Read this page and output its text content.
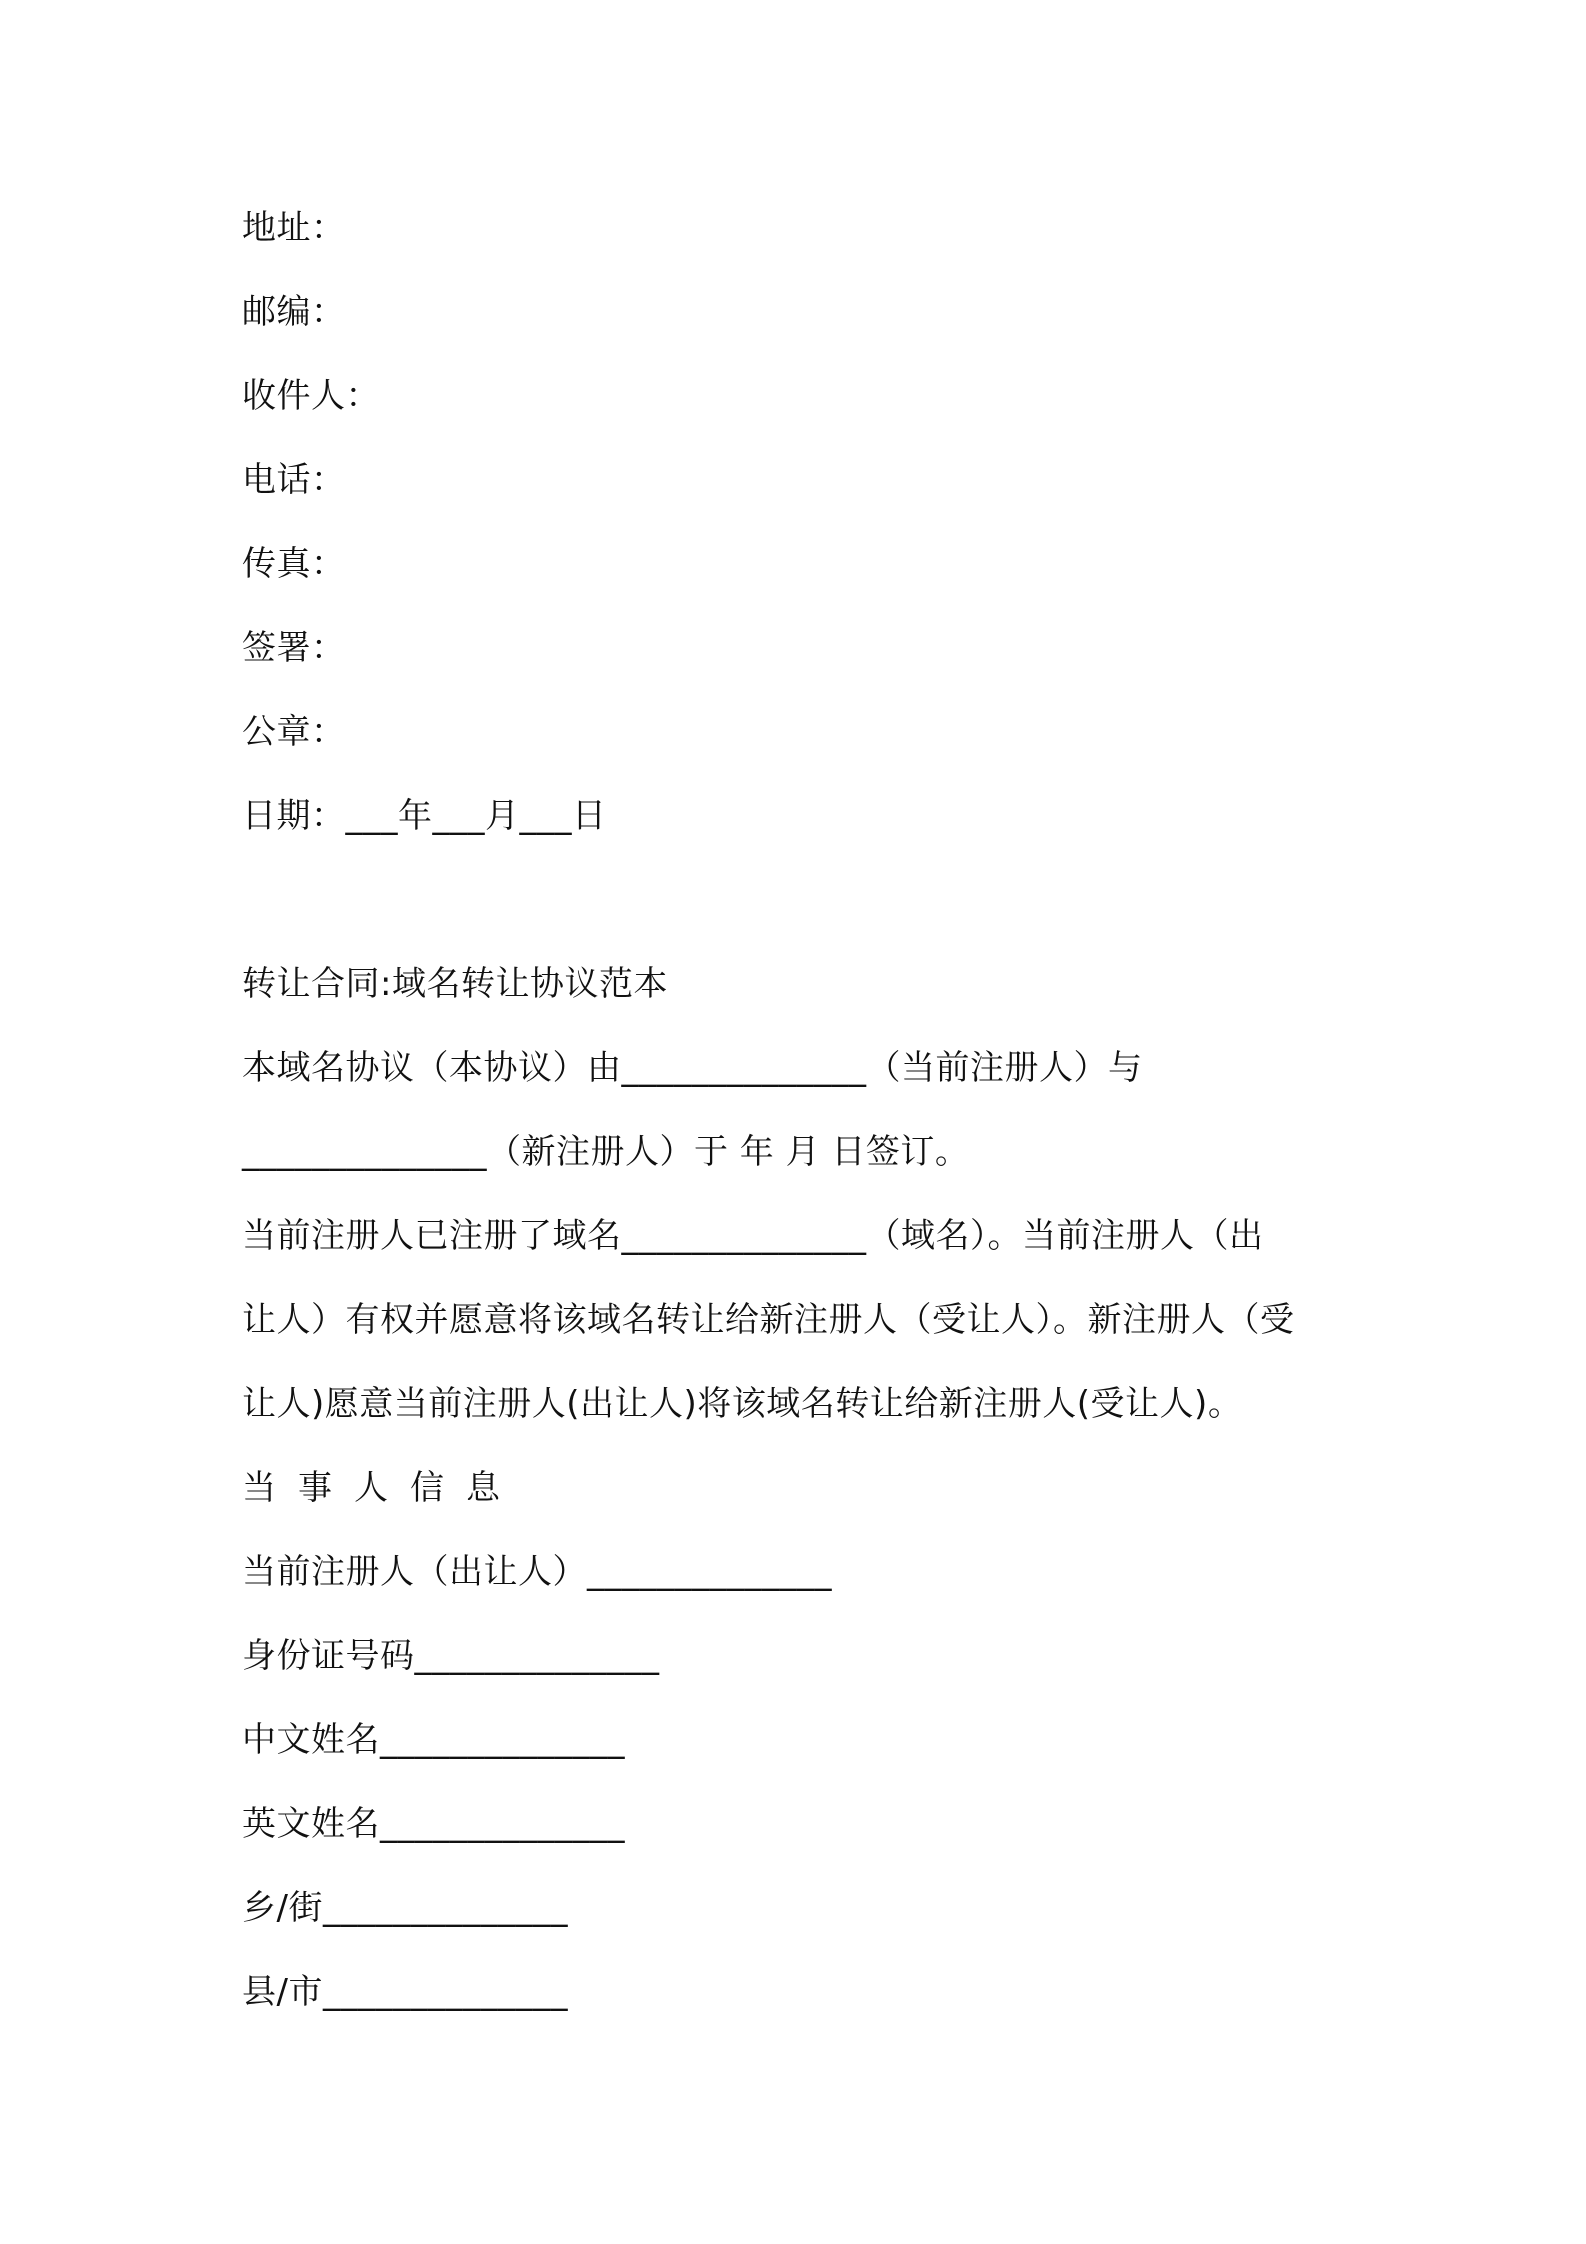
地址：
邮编：
收件人：
电话：
传真：
签署：
公章：
日期：___年___月___日
转让合同:域名转让协议范本
本域名协议（本协议）由______________（当前注册人）与
______________（新注册人）于 年 月 日签订。
当前注册人已注册了域名______________（域名）。当前注册人（出
让人）有权并愿意将该域名转让给新注册人（受让人）。新注册人（受
让人)愿意当前注册人(出让人)将该域名转让给新注册人(受让人)。
当事人信息
当前注册人（出让人）______________
身份证号码______________
中文姓名______________
英文姓名______________
乡/街______________
县/市______________
